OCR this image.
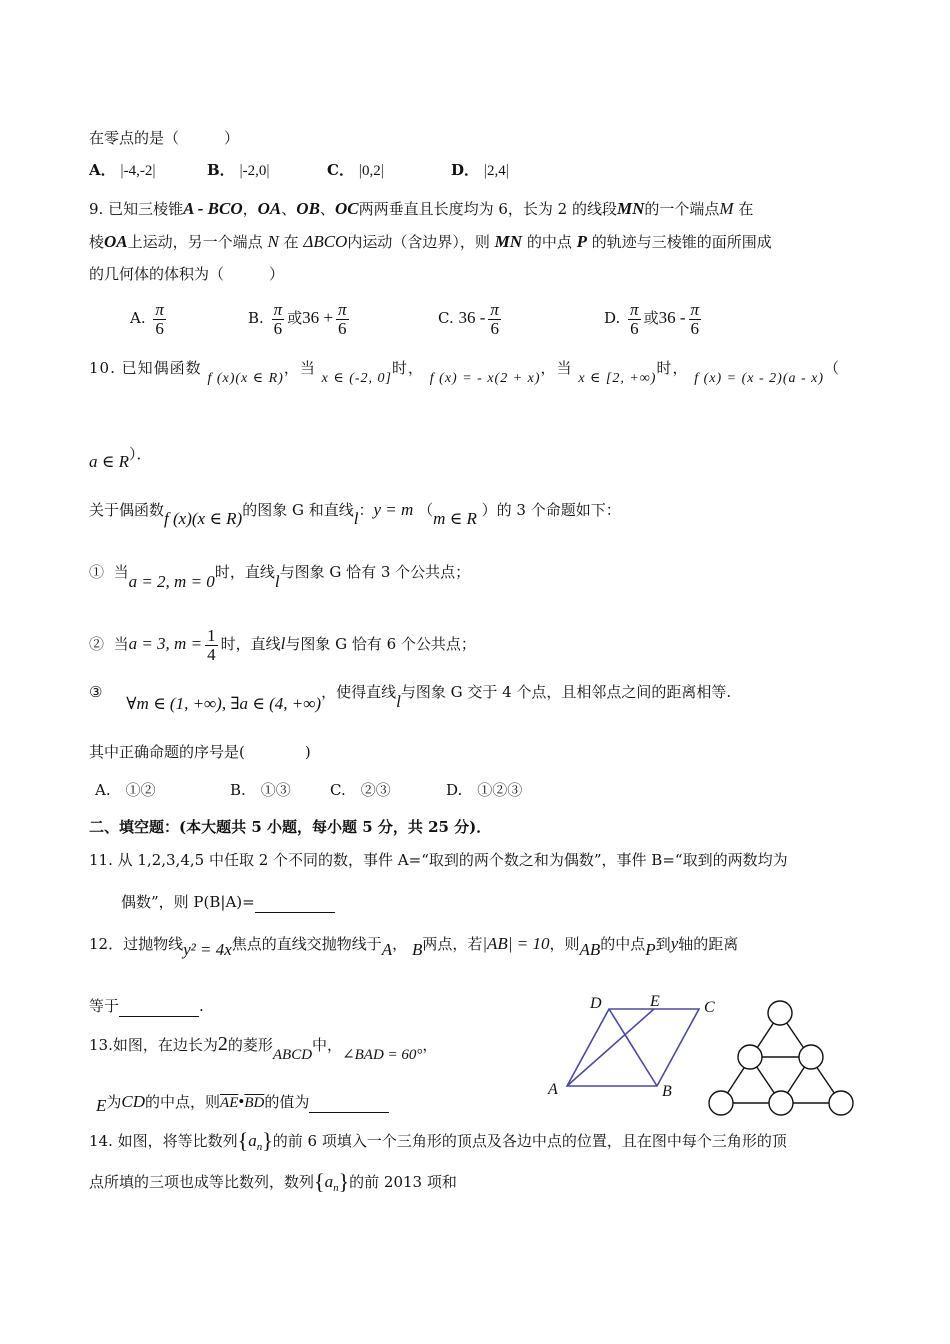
在零点的是（　　　）
A． |-4,-2|	B． |-2,0|	C． |0,2|	D． |2,4|
9. 已知三棱锥A - BCO，OA、OB、OC两两垂直且长度均为 6，长为 2 的线段MN的一个端点M 在
棱OA上运动，另一个端点 N 在 ΔBCO内运动（含边界），则 MN 的中点 P 的轨迹与三棱锥的面所围成
的几何体的体积为（　　　）
A. $\frac{\pi}{6}$	B. $\frac{\pi}{6}$ 或$36 + \frac{\pi}{6}$	C. $36 - \frac{\pi}{6}$	D. $\frac{\pi}{6}$ 或$36 - \frac{\pi}{6}$
10. 已知偶函数 f (x)(x ∈ R)，当 x ∈ (-2, 0]时， f (x) = - x(2 + x)，当 x ∈ [2, +∞)时， f (x) = (x - 2)(a - x)（
a ∈ R）．
关于偶函数f (x)(x ∈ R)的图象 G 和直线l：y = m （m ∈ R ）的 3 个命题如下：
① 当a = 2, m = 0时，直线l与图象 G 恰有 3 个公共点；
② 当a = 3, $m = \frac{1}{4}$ 时，直线l与图象 G 恰有 6 个公共点；
③     ∀m ∈ (1, +∞), ∃a ∈ (4, +∞)，使得直线l与图象 G 交于 4 个点，且相邻点之间的距离相等.
其中正确命题的序号是(　　　　)
A.　①②	B.　①③	C.　②③	D.　①②③
二、填空题：(本大题共 5 小题，每小题 5 分，共 25 分)．
11. 从 1,2,3,4,5 中任取 2 个不同的数，事件 A=“取到的两个数之和为偶数”，事件 B=“取到的两数均为
偶数”，则 P(B|A)=
12．过抛物线y² = 4x焦点的直线交抛物线于A， B两点，若|AB| = 10，则AB的中点P到y轴的距离
等于	.
13.如图，在边长为2的菱形ABCD中，∠BAD = 60°，
E为CD的中点，则$\overline{AE}•\overline{BD}$的值为
14. 如图，将等比数列$\{a_n\}$的前 6 项填入一个三角形的顶点及各边中点的位置，且在图中每个三角形的顶
点所填的三项也成等比数列，数列$\{a_n\}$的前 2013 项和
D	E	C
A	B
